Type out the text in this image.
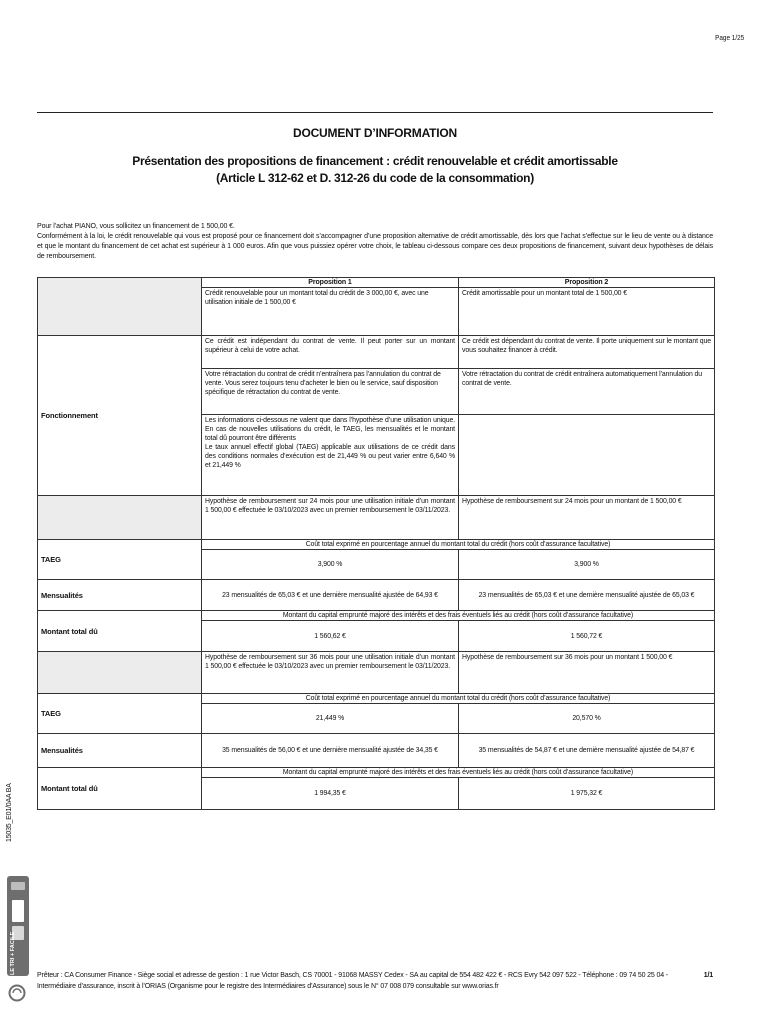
Page 1/25
DOCUMENT D’INFORMATION
Présentation des propositions de financement : crédit renouvelable et crédit amortissable
(Article L 312-62 et D. 312-26 du code de la consommation)

Pour l’achat PIANO, vous sollicitez un financement de 1 500,00 €.

Conformément à la loi, le crédit renouvelable qui vous est proposé pour ce financement doit s’accompagner d’une proposition alternative de crédit amortissable, dès lors que l’achat s’effectue sur le lieu de vente ou à distance et que le montant du financement de cet achat est supérieur à 1 000 euros. Afin que vous puissiez opérer votre choix, le tableau ci-dessous compare ces deux propositions de financement, suivant deux hypothèses de délais de remboursement.

	Proposition 1	Proposition 2
	Crédit renouvelable pour un montant total du crédit de 3 000,00 €, avec une utilisation initiale de 1 500,00 €	Crédit amortissable pour un montant total de 1 500,00 €
Fonctionnement	Ce crédit est indépendant du contrat de vente. Il peut porter sur un montant supérieur à celui de votre achat.	Ce crédit est dépendant du contrat de vente. Il porte uniquement sur le montant que vous souhaitez financer à crédit.
	Votre rétractation du contrat de crédit n’entraînera pas l’annulation du contrat de vente. Vous serez toujours tenu d’acheter le bien ou le service, sauf disposition spécifique de rétractation du contrat de vente.	Votre rétractation du contrat de crédit entraînera automatiquement l’annulation du contrat de vente.

	Les informations ci-dessous ne valent que dans l’hypothèse d’une utilisation unique. En cas de nouvelles utilisations du crédit, le TAEG, les mensualités et le montant total dû pourront être différents
Le taux annuel effectif global (TAEG) applicable aux utilisations de ce crédit dans des conditions normales d’exécution est de 21,449 % ou peut varier entre 6,640 % et 21,449 %	

	Hypothèse de remboursement sur 24 mois pour une utilisation initiale d’un montant 1 500,00 € effectuée le 03/10/2023 avec un premier remboursement le 03/11/2023.	Hypothèse de remboursement sur 24 mois pour un montant de 1 500,00 €
TAEG	Coût total exprimé en pourcentage annuel du montant total du crédit (hors coût d’assurance facultative)	
	3,900 %	3,900 %
Mensualités	23 mensualités de 65,03 € et une dernière mensualité ajustée de 64,93 €	23 mensualités de 65,03 € et une dernière mensualité ajustée de 65,03 €
Montant total dû	Montant du capital emprunté majoré des intérêts et des frais éventuels liés au crédit (hors coût d’assurance facultative)	
	1 560,62 €	1 560,72 €
	Hypothèse de remboursement sur 36 mois pour une utilisation initiale d’un montant 1 500,00 € effectuée le 03/10/2023 avec un premier remboursement le 03/11/2023.	Hypothèse de remboursement sur 36 mois pour un montant 1 500,00 €
TAEG	Coût total exprimé en pourcentage annuel du montant total du crédit (hors coût d’assurance facultative)	
	21,449 %	20,570 %
Mensualités	35 mensualités de 56,00 € et une dernière mensualité ajustée de 34,35 €	35 mensualités de 54,87 € et une dernière mensualité ajustée de 54,87 €
Montant total dû	Montant du capital emprunté majoré des intérêts et des frais éventuels liés au crédit (hors coût d’assurance facultative)	
	1 994,35 €	1 975,32 €
15035_E01/0AA BA
LE TRI + FACILE
Prêteur : CA Consumer Finance - Siège social et adresse de gestion : 1 rue Victor Basch, CS 70001 - 91068 MASSY Cedex - SA au capital de 554 482 422 € - RCS Evry 542 097 522 - Téléphone : 09 74 50 25 04 -	1/1
Intermédiaire d’assurance, inscrit à l’ORIAS (Organisme pour le registre des Intermédiaires d’Assurance) sous le N° 07 008 079 consultable sur www.orias.fr
